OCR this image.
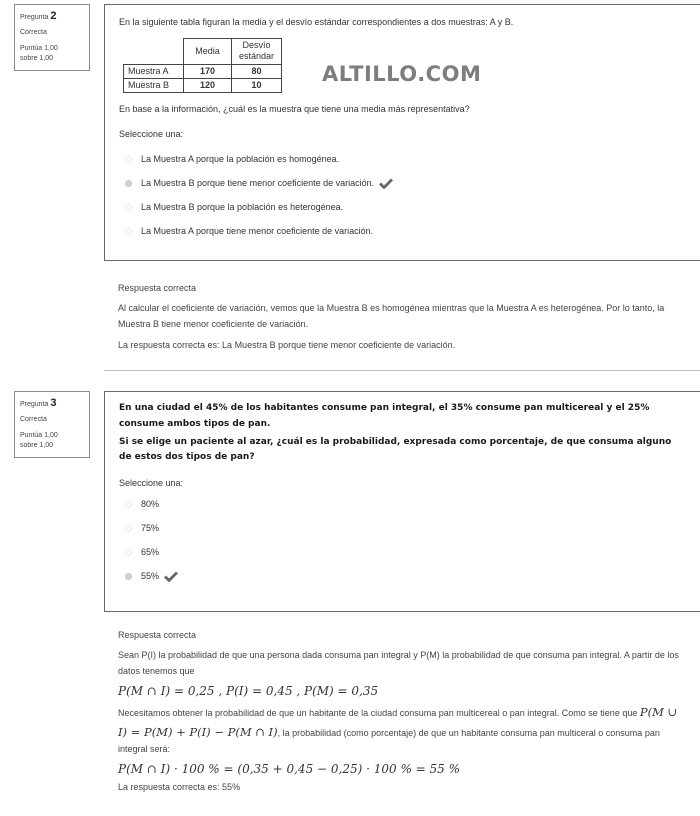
Pregunta 2
Correcta
Puntúa 1,00
sobre 1,00
En la siguiente tabla figuran la media y el desvío estándar correspondientes a dos muestras: A y B.
	Media	Desvío estándar
Muestra A	170	80
Muestra B	120	10
En base a la información, ¿cuál es la muestra que tiene una media más representativa?
Seleccione una:
La Muestra A porque la población es homogénea.
La Muestra B porque tiene menor coeficiente de variación.
La Muestra B porque la población es heterogénea.
La Muestra A porque tiene menor coeficiente de variación.
ALTILLO.COM
Respuesta correcta

Al calcular el coeficiente de variación, vemos que la Muestra B es homogénea mientras que la Muestra A es heterogénea. Por lo tanto, la Muestra B tiene menor coeficiente de variación.

La respuesta correcta es: La Muestra B porque tiene menor coeficiente de variación.

Pregunta 3
Correcta
Puntúa 1,00
sobre 1,00
En una ciudad el 45% de los habitantes consume pan integral, el 35% consume pan multicereal y el 25% consume ambos tipos de pan.
Si se elige un paciente al azar, ¿cuál es la probabilidad, expresada como porcentaje, de que consuma alguno de estos dos tipos de pan?
Seleccione una:
80%
75%
65%
55%
Respuesta correcta

Sean P(I) la probabilidad de que una persona dada consuma pan integral y P(M) la probabilidad de que consuma pan integral. A partir de los datos tenemos que

P(M ∩ I) = 0,25 , P(I) = 0,45 , P(M) = 0,35

Necesitamos obtener la probabilidad de que un habitante de la ciudad consuma pan multicereal o pan integral. Como se tiene que P(M ∪ I) = P(M) + P(I) − P(M ∩ I), la probabilidad (como porcentaje) de que un habitante consuma pan multiceral o consuma pan integral será:

P(M ∩ I) · 100 % = (0,35 + 0,45 − 0,25) · 100 % = 55 %

La respuesta correcta es: 55%
